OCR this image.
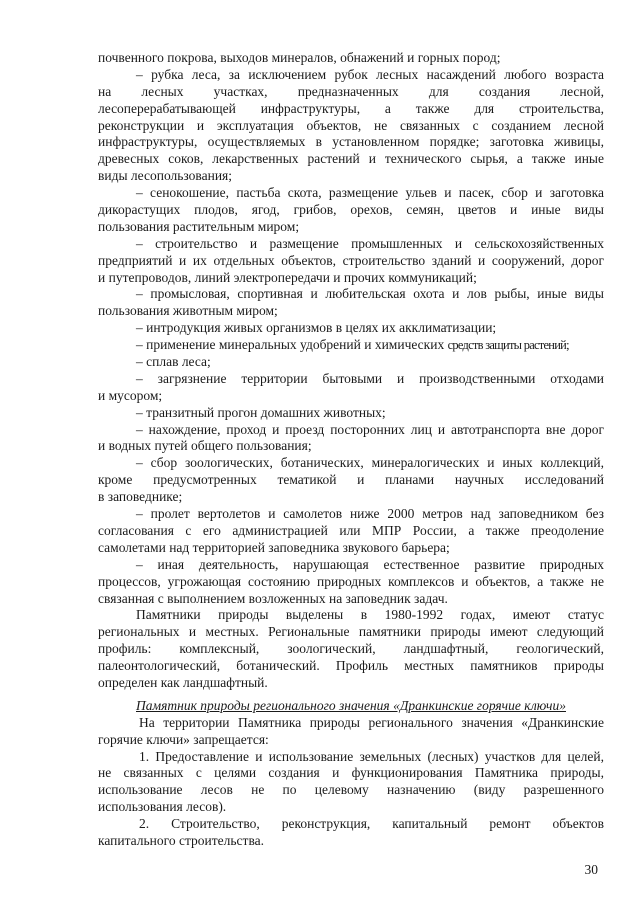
почвенного покрова, выходов минералов, обнажений и горных пород;
– рубка леса, за исключением рубок лесных насаждений любого возраста
на лесных участках, предназначенных для создания лесной,
лесоперерабатывающей инфраструктуры, а также для строительства,
реконструкции и эксплуатация объектов, не связанных с созданием лесной
инфраструктуры, осуществляемых в установленном порядке; заготовка живицы,
древесных соков, лекарственных растений и технического сырья, а также иные
виды лесопользования;
– сенокошение, пастьба скота, размещение ульев и пасек, сбор и заготовка
дикорастущих плодов, ягод, грибов, орехов, семян, цветов и иные виды
пользования растительным миром;
– строительство и размещение промышленных и сельскохозяйственных
предприятий и их отдельных объектов, строительство зданий и сооружений, дорог
и путепроводов, линий электропередачи и прочих коммуникаций;
– промысловая, спортивная и любительская охота и лов рыбы, иные виды
пользования животным миром;
– интродукция живых организмов в целях их акклиматизации;
– применение минеральных удобрений и химических средств защиты растений;
– сплав леса;
– загрязнение территории бытовыми и производственными отходами
и мусором;
– транзитный прогон домашних животных;
– нахождение, проход и проезд посторонних лиц и автотранспорта вне дорог
и водных путей общего пользования;
– сбор зоологических, ботанических, минералогических и иных коллекций,
кроме предусмотренных тематикой и планами научных исследований
в заповеднике;
– пролет вертолетов и самолетов ниже 2000 метров над заповедником без
согласования с его администрацией или МПР России, а также преодоление
самолетами над территорией заповедника звукового барьера;
– иная деятельность, нарушающая естественное развитие природных
процессов, угрожающая состоянию природных комплексов и объектов, а также не
связанная с выполнением возложенных на заповедник задач.
Памятники природы выделены в 1980-1992 годах, имеют статус
региональных и местных. Региональные памятники природы имеют следующий
профиль: комплексный, зоологический, ландшафтный, геологический,
палеонтологический, ботанический. Профиль местных памятников природы
определен как ландшафтный.
Памятник природы регионального значения «Дранкинские горячие ключи»
На территории Памятника природы регионального значения «Дранкинские
горячие ключи» запрещается:
1. Предоставление и использование земельных (лесных) участков для целей,
не связанных с целями создания и функционирования Памятника природы,
использование лесов не по целевому назначению (виду разрешенного
использования лесов).
2. Строительство, реконструкция, капитальный ремонт объектов
капитального строительства.
30
